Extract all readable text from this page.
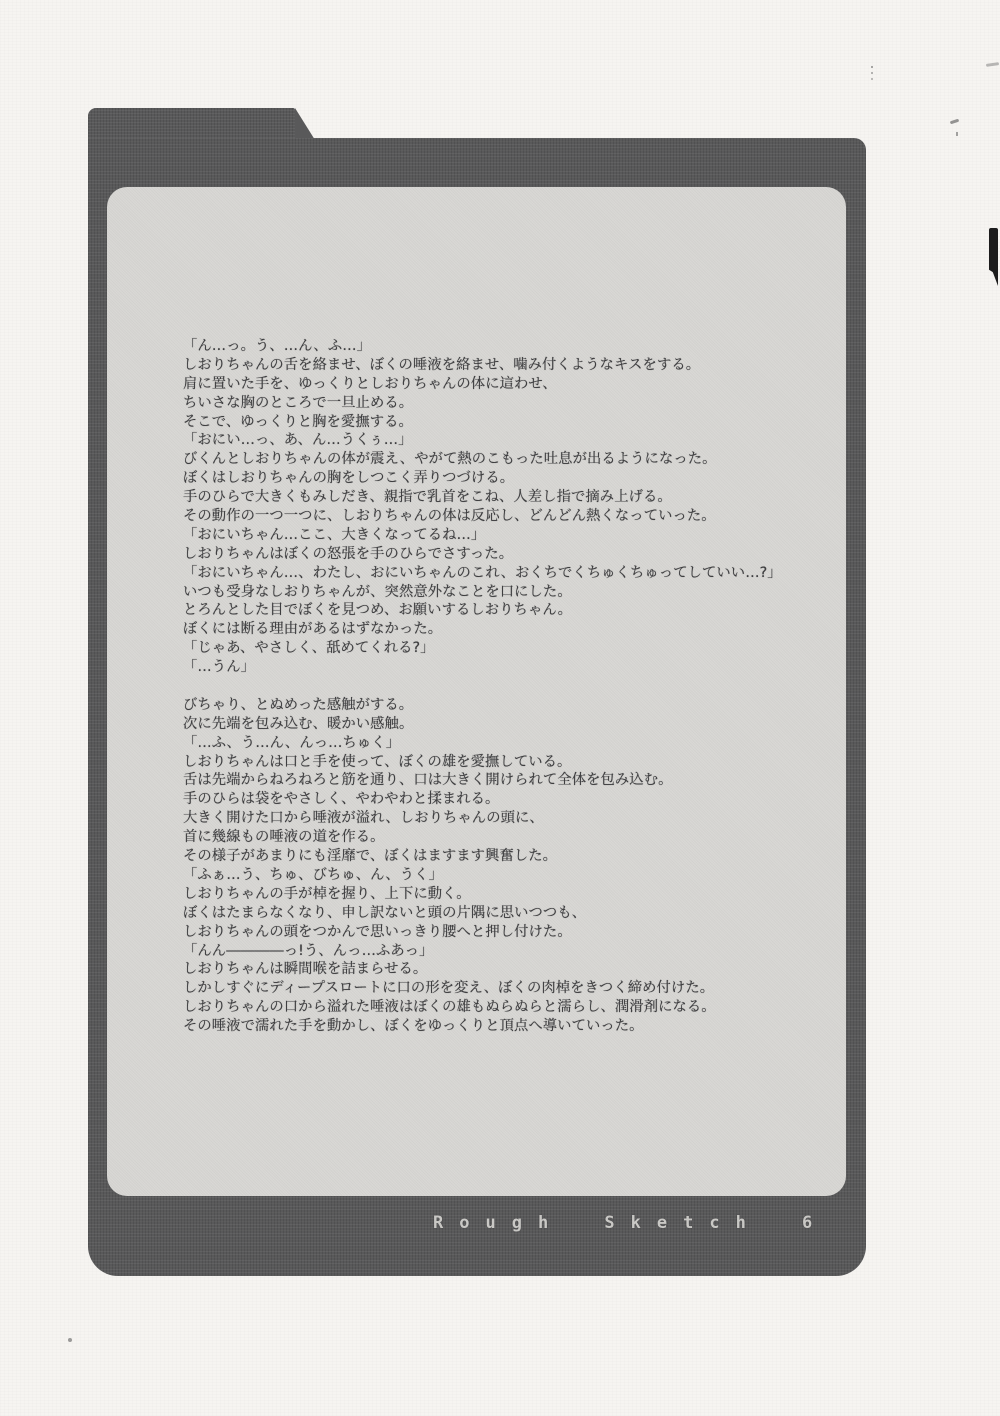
「ん…っ。う、…ん、ふ…」
しおりちゃんの舌を絡ませ、ぼくの唾液を絡ませ、噛み付くようなキスをする。
肩に置いた手を、ゆっくりとしおりちゃんの体に這わせ、
ちいさな胸のところで一旦止める。
そこで、ゆっくりと胸を愛撫する。
「おにい…っ、あ、ん…うくぅ…」
びくんとしおりちゃんの体が震え、やがて熱のこもった吐息が出るようになった。
ぼくはしおりちゃんの胸をしつこく弄りつづける。
手のひらで大きくもみしだき、親指で乳首をこね、人差し指で摘み上げる。
その動作の一つ一つに、しおりちゃんの体は反応し、どんどん熱くなっていった。
「おにいちゃん…ここ、大きくなってるね…」
しおりちゃんはぼくの怒張を手のひらでさすった。
「おにいちゃん…、わたし、おにいちゃんのこれ、おくちでくちゅくちゅってしていい…?」
いつも受身なしおりちゃんが、突然意外なことを口にした。
とろんとした目でぼくを見つめ、お願いするしおりちゃん。
ぼくには断る理由があるはずなかった。
「じゃあ、やさしく、舐めてくれる?」
「…うん」
びちゃり、とぬめった感触がする。
次に先端を包み込む、暖かい感触。
「…ふ、う…ん、んっ…ちゅく」
しおりちゃんは口と手を使って、ぼくの雄を愛撫している。
舌は先端からねろねろと筋を通り、口は大きく開けられて全体を包み込む。
手のひらは袋をやさしく、やわやわと揉まれる。
大きく開けた口から唾液が溢れ、しおりちゃんの頭に、
首に幾線もの唾液の道を作る。
その様子があまりにも淫靡で、ぼくはますます興奮した。
「ふぁ…う、ちゅ、びちゅ、ん、うく」
しおりちゃんの手が棹を握り、上下に動く。
ぼくはたまらなくなり、申し訳ないと頭の片隅に思いつつも、
しおりちゃんの頭をつかんで思いっきり腰へと押し付けた。
「んん――――っ!う、んっ…ふあっ」
しおりちゃんは瞬間喉を詰まらせる。
しかしすぐにディープスロートに口の形を変え、ぼくの肉棹をきつく締め付けた。
しおりちゃんの口から溢れた唾液はぼくの雄もぬらぬらと濡らし、潤滑剤になる。
その唾液で濡れた手を動かし、ぼくをゆっくりと頂点へ導いていった。
Rough Sketch 6
